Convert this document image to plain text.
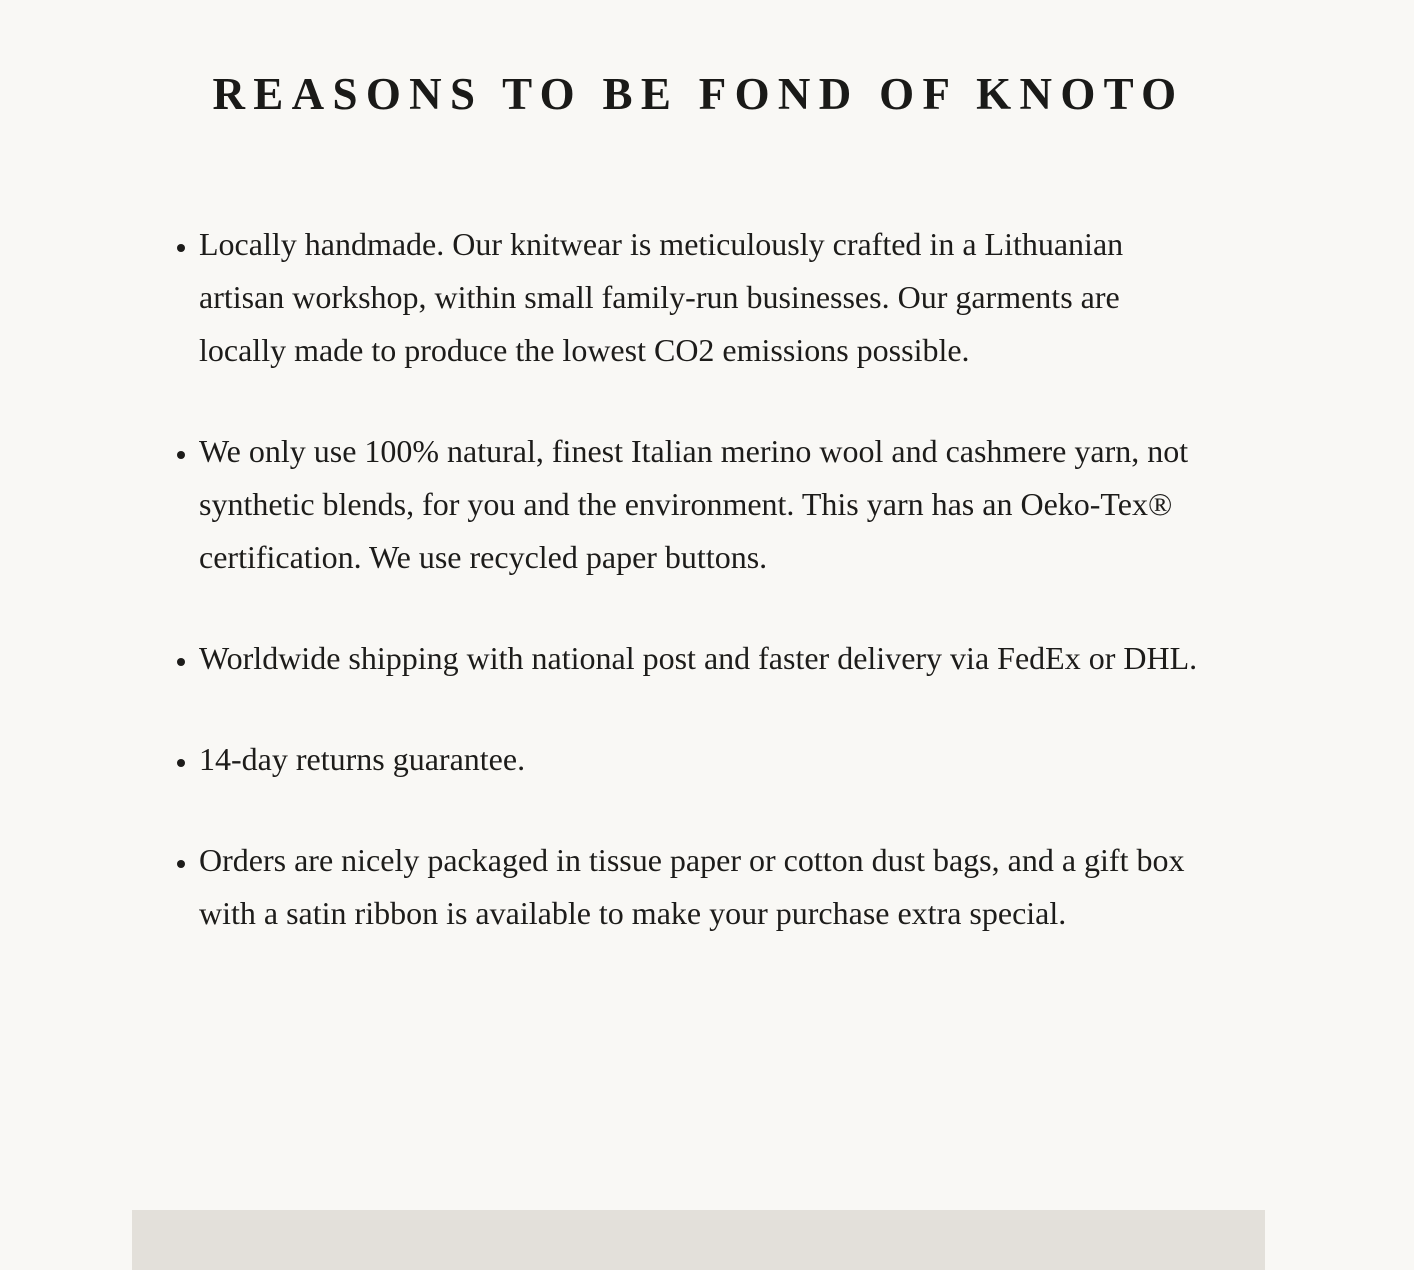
REASONS TO BE FOND OF KNOTO
• Locally handmade. Our knitwear is meticulously crafted in a Lithuanian artisan workshop, within small family-run businesses. Our garments are locally made to produce the lowest CO2 emissions possible.
• We only use 100% natural, finest Italian merino wool and cashmere yarn, not synthetic blends, for you and the environment. This yarn has an Oeko-Tex® certification. We use recycled paper buttons.
• Worldwide shipping with national post and faster delivery via FedEx or DHL.
• 14-day returns guarantee.
• Orders are nicely packaged in tissue paper or cotton dust bags, and a gift box with a satin ribbon is available to make your purchase extra special.
